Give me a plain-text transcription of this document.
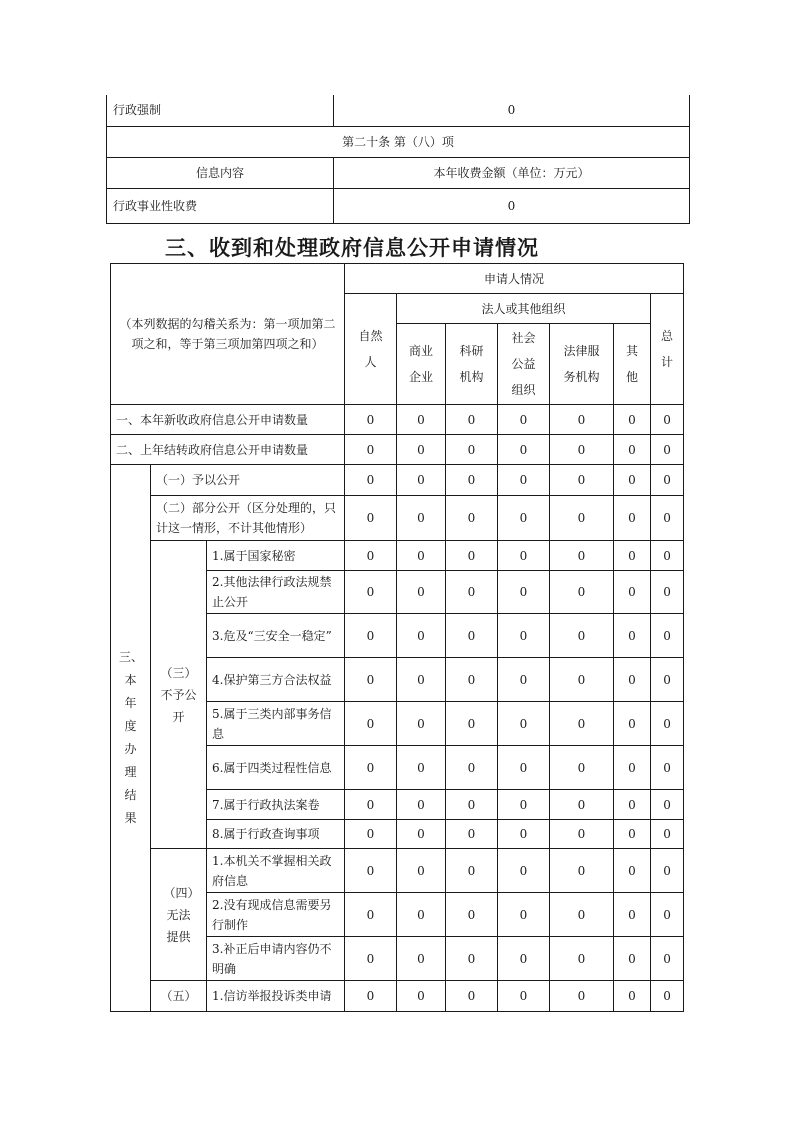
行政强制	0
第二十条 第（八）项	
信息内容	本年收费金额（单位：万元）
行政事业性收费	0
三、收到和处理政府信息公开申请情况
（本列数据的勾稽关系为：第一项加第二项之和，等于第三项加第四项之和）			申请人情况						
			自然人	法人或其他组织					总计
				商业企业	科研机构	社会公益组织	法律服务机构	其他	
一、本年新收政府信息公开申请数量			0	0	0	0	0	0	0
二、上年结转政府信息公开申请数量			0	0	0	0	0	0	0
三、本年度办理结果	（一）予以公开		0	0	0	0	0	0	0
	（二）部分公开（区分处理的，只计这一情形，不计其他情形）		0	0	0	0	0	0	0
	（三）不予公开	1.属于国家秘密	0	0	0	0	0	0	0
		2.其他法律行政法规禁止公开	0	0	0	0	0	0	0
		3.危及“三安全一稳定”	0	0	0	0	0	0	0
		4.保护第三方合法权益	0	0	0	0	0	0	0
		5.属于三类内部事务信息	0	0	0	0	0	0	0
		6.属于四类过程性信息	0	0	0	0	0	0	0
		7.属于行政执法案卷	0	0	0	0	0	0	0
		8.属于行政查询事项	0	0	0	0	0	0	0
	（四）无法提供	1.本机关不掌握相关政府信息	0	0	0	0	0	0	0
		2.没有现成信息需要另行制作	0	0	0	0	0	0	0
		3.补正后申请内容仍不明确	0	0	0	0	0	0	0
	（五）	1.信访举报投诉类申请	0	0	0	0	0	0	0
